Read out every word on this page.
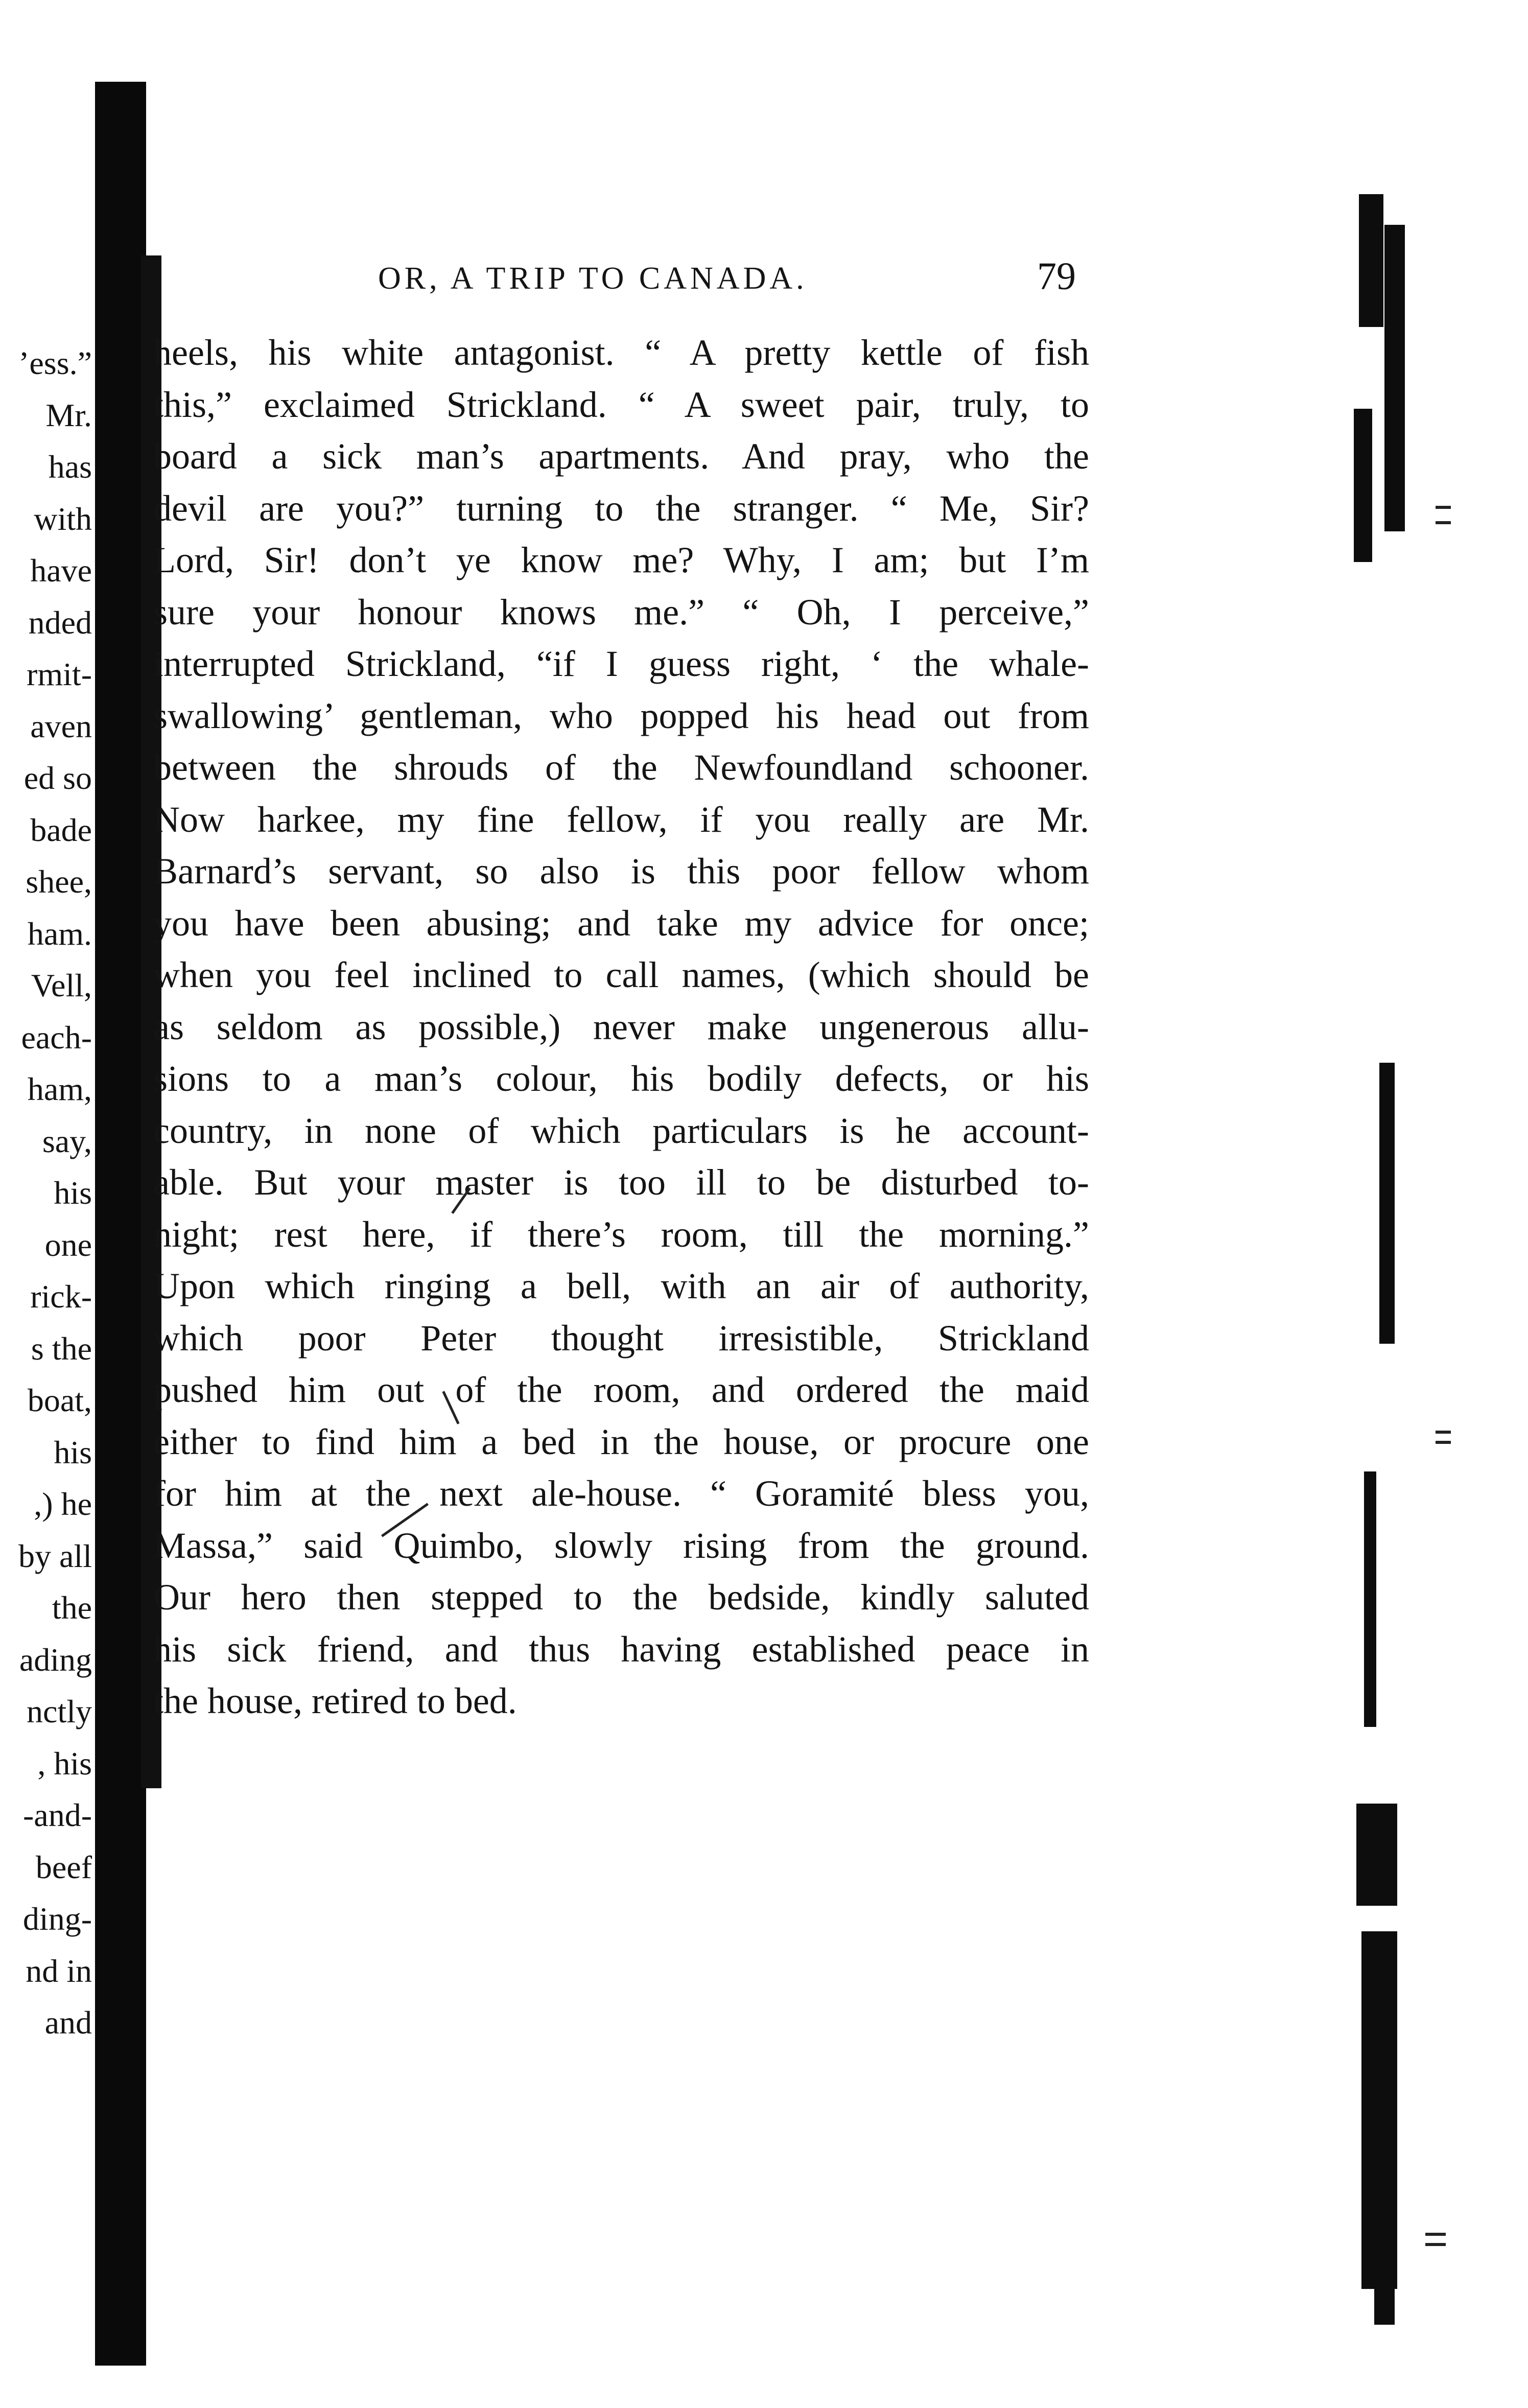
’ess.”
Mr.
has
with
have
nded
rmit-
aven
ed so
bade
shee,
ham.
Vell,
each-
ham,
say,
his
one
rick-
s the
boat,
his
,) he
by all
the
ading
nctly
, his
-and-
beef
ding-
nd in
and
OR, A TRIP TO CANADA.	79
heels, his white antagonist. “ A pretty kettle of fish
this,” exclaimed Strickland. “ A sweet pair, truly, to
board a sick man’s apartments. And pray, who the
devil are you?” turning to the stranger. “ Me, Sir?
Lord, Sir! don’t ye know me? Why, I am; but I’m
sure your honour knows me.” “ Oh, I perceive,”
interrupted Strickland, “if I guess right, ‘ the whale-
swallowing’ gentleman, who popped his head out from
between the shrouds of the Newfoundland schooner.
Now harkee, my fine fellow, if you really are Mr.
Barnard’s servant, so also is this poor fellow whom
you have been abusing; and take my advice for once;
when you feel inclined to call names, (which should be
as seldom as possible,) never make ungenerous allu-
sions to a man’s colour, his bodily defects, or his
country, in none of which particulars is he account-
able. But your master is too ill to be disturbed to-
night; rest here, if there’s room, till the morning.”
Upon which ringing a bell, with an air of authority,
which poor Peter thought irresistible, Strickland
pushed him out of the room, and ordered the maid
either to find him a bed in the house, or procure one
for him at the next ale-house. “ Goramité bless you,
Massa,” said Quimbo, slowly rising from the ground.
Our hero then stepped to the bedside, kindly saluted
his sick friend, and thus having established peace in
the house, retired to bed.
